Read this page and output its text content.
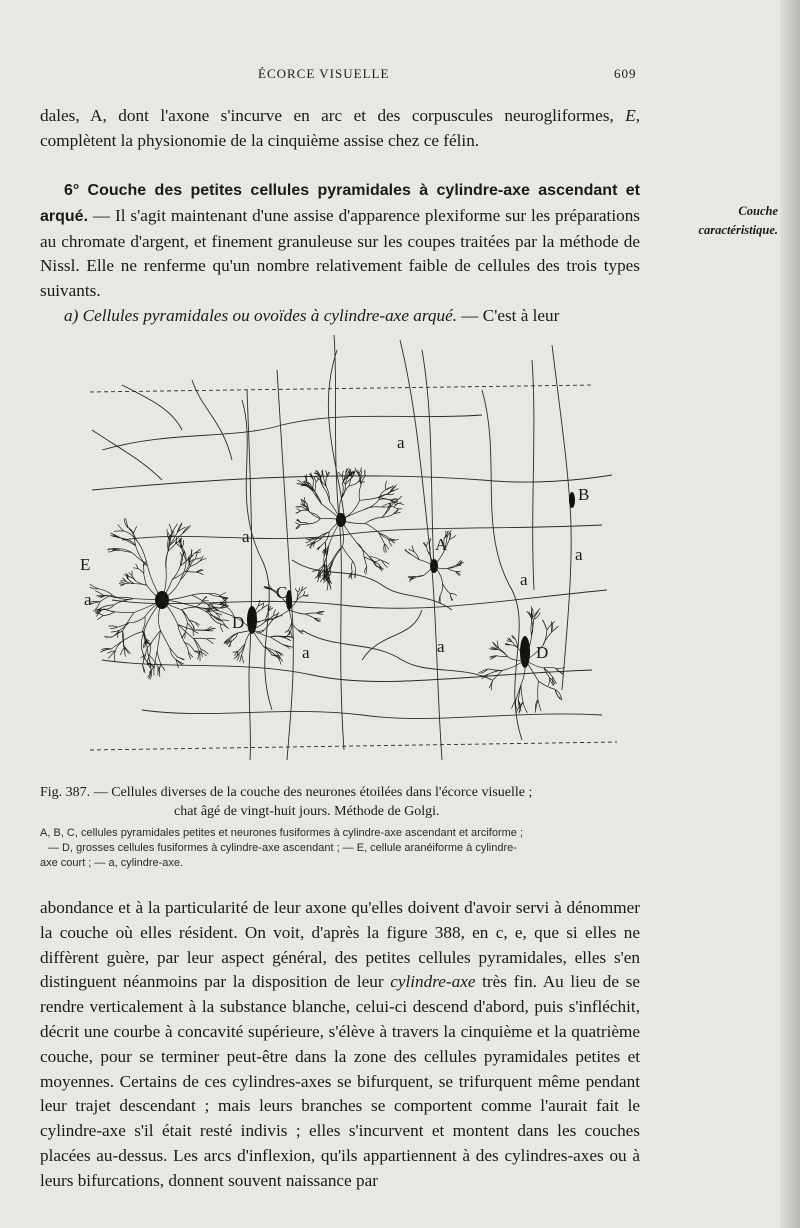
ÉCORCE VISUELLE	609

dales, A, dont l'axone s'incurve en arc et des corpuscules neurogliformes, E, complètent la physionomie de la cinquième assise chez ce félin.

6° Couche des petites cellules pyramidales à cylindre-axe ascendant et arqué. — Il s'agit maintenant d'une assise d'apparence plexiforme sur les préparations au chromate d'argent, et finement granuleuse sur les coupes traitées par la méthode de Nissl. Elle ne renferme qu'un nombre relativement faible de cellules des trois types suivants.

a) Cellules pyramidales ou ovoïdes à cylindre-axe arqué. — C'est à leur

Couche caractéristique.
a
a	A
B
a
E
a	C
D
a	a
a
D
Fig. 387. — Cellules diverses de la couche des neurones étoilées dans l'écorce visuelle ;
chat âgé de vingt-huit jours. Méthode de Golgi.
A, B, C, cellules pyramidales petites et neurones fusiformes à cylindre-axe ascendant et arciforme ;
— D, grosses cellules fusiformes à cylindre-axe ascendant ; — E, cellule aranéiforme à cylindre-
axe court ; — a, cylindre-axe.

abondance et à la particularité de leur axone qu'elles doivent d'avoir servi à dénommer la couche où elles résident. On voit, d'après la figure 388, en c, e, que si elles ne diffèrent guère, par leur aspect général, des petites cellules pyramidales, elles s'en distinguent néanmoins par la disposition de leur cylindre-axe très fin. Au lieu de se rendre verticalement à la substance blanche, celui-ci descend d'abord, puis s'infléchit, décrit une courbe à concavité supérieure, s'élève à travers la cinquième et la quatrième couche, pour se terminer peut-être dans la zone des cellules pyramidales petites et moyennes. Certains de ces cylindres-axes se bifurquent, se trifurquent même pendant leur trajet descendant ; mais leurs branches se comportent comme l'aurait fait le cylindre-axe s'il était resté indivis ; elles s'incurvent et montent dans les couches placées au-dessus. Les arcs d'inflexion, qu'ils appartiennent à des cylindres-axes ou à leurs bifurcations, donnent souvent naissance par
